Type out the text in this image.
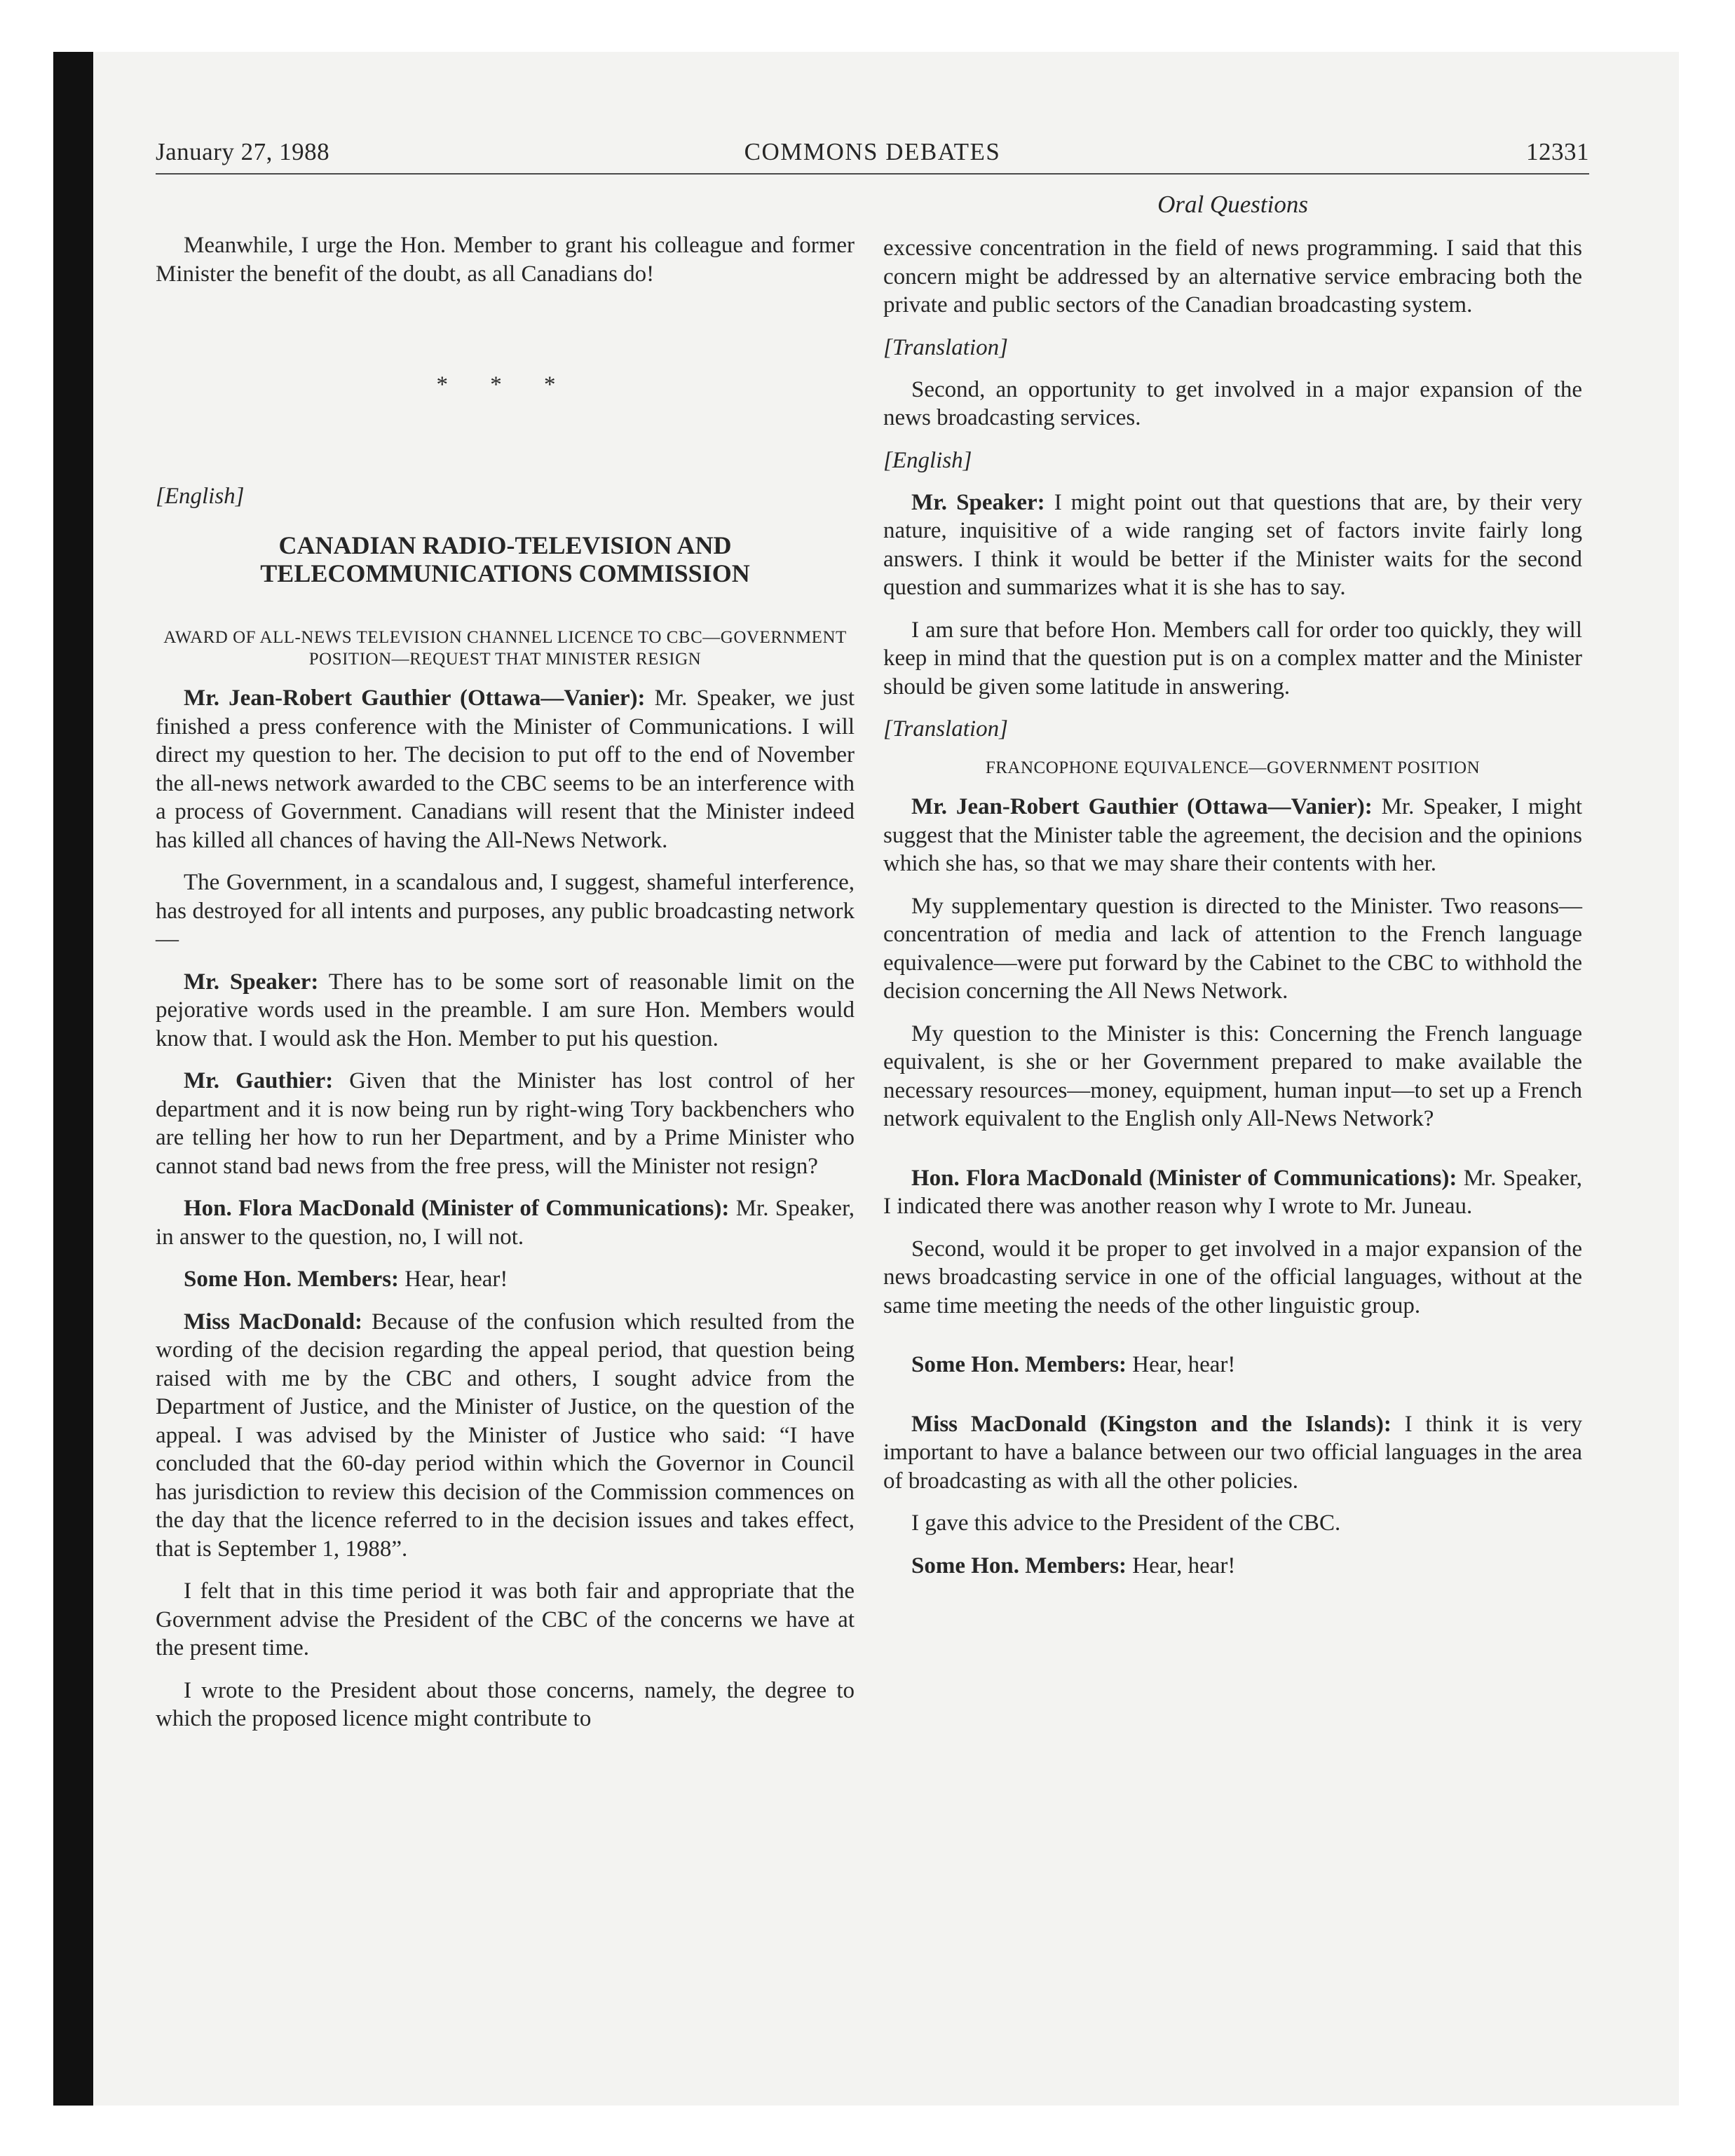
January 27, 1988	COMMONS DEBATES	12331

Meanwhile, I urge the Hon. Member to grant his colleague and former Minister the benefit of the doubt, as all Canadians do!

* * *

[English]

CANADIAN RADIO-TELEVISION AND TELECOMMUNICATIONS COMMISSION
AWARD OF ALL-NEWS TELEVISION CHANNEL LICENCE TO CBC—GOVERNMENT POSITION—REQUEST THAT MINISTER RESIGN

Mr. Jean-Robert Gauthier (Ottawa—Vanier): Mr. Speaker, we just finished a press conference with the Minister of Communications. I will direct my question to her. The decision to put off to the end of November the all-news network awarded to the CBC seems to be an interference with a process of Government. Canadians will resent that the Minister indeed has killed all chances of having the All-News Network.

The Government, in a scandalous and, I suggest, shameful interference, has destroyed for all intents and purposes, any public broadcasting network—

Mr. Speaker: There has to be some sort of reasonable limit on the pejorative words used in the preamble. I am sure Hon. Members would know that. I would ask the Hon. Member to put his question.

Mr. Gauthier: Given that the Minister has lost control of her department and it is now being run by right-wing Tory backbenchers who are telling her how to run her Department, and by a Prime Minister who cannot stand bad news from the free press, will the Minister not resign?

Hon. Flora MacDonald (Minister of Communications): Mr. Speaker, in answer to the question, no, I will not.

Some Hon. Members: Hear, hear!

Miss MacDonald: Because of the confusion which resulted from the wording of the decision regarding the appeal period, that question being raised with me by the CBC and others, I sought advice from the Department of Justice, and the Minister of Justice, on the question of the appeal. I was advised by the Minister of Justice who said: “I have concluded that the 60-day period within which the Governor in Council has jurisdiction to review this decision of the Commission commences on the day that the licence referred to in the decision issues and takes effect, that is September 1, 1988”.

I felt that in this time period it was both fair and appropriate that the Government advise the President of the CBC of the concerns we have at the present time.

I wrote to the President about those concerns, namely, the degree to which the proposed licence might contribute to

Oral Questions

excessive concentration in the field of news programming. I said that this concern might be addressed by an alternative service embracing both the private and public sectors of the Canadian broadcasting system.

[Translation]

Second, an opportunity to get involved in a major expansion of the news broadcasting services.

[English]

Mr. Speaker: I might point out that questions that are, by their very nature, inquisitive of a wide ranging set of factors invite fairly long answers. I think it would be better if the Minister waits for the second question and summarizes what it is she has to say.

I am sure that before Hon. Members call for order too quickly, they will keep in mind that the question put is on a complex matter and the Minister should be given some latitude in answering.

[Translation]

FRANCOPHONE EQUIVALENCE—GOVERNMENT POSITION

Mr. Jean-Robert Gauthier (Ottawa—Vanier): Mr. Speaker, I might suggest that the Minister table the agreement, the decision and the opinions which she has, so that we may share their contents with her.

My supplementary question is directed to the Minister. Two reasons—concentration of media and lack of attention to the French language equivalence—were put forward by the Cabinet to the CBC to withhold the decision concerning the All News Network.

My question to the Minister is this: Concerning the French language equivalent, is she or her Government prepared to make available the necessary resources—money, equipment, human input—to set up a French network equivalent to the English only All-News Network?

Hon. Flora MacDonald (Minister of Communications): Mr. Speaker, I indicated there was another reason why I wrote to Mr. Juneau.

Second, would it be proper to get involved in a major expansion of the news broadcasting service in one of the official languages, without at the same time meeting the needs of the other linguistic group.

Some Hon. Members: Hear, hear!

Miss MacDonald (Kingston and the Islands): I think it is very important to have a balance between our two official languages in the area of broadcasting as with all the other policies.

I gave this advice to the President of the CBC.

Some Hon. Members: Hear, hear!
